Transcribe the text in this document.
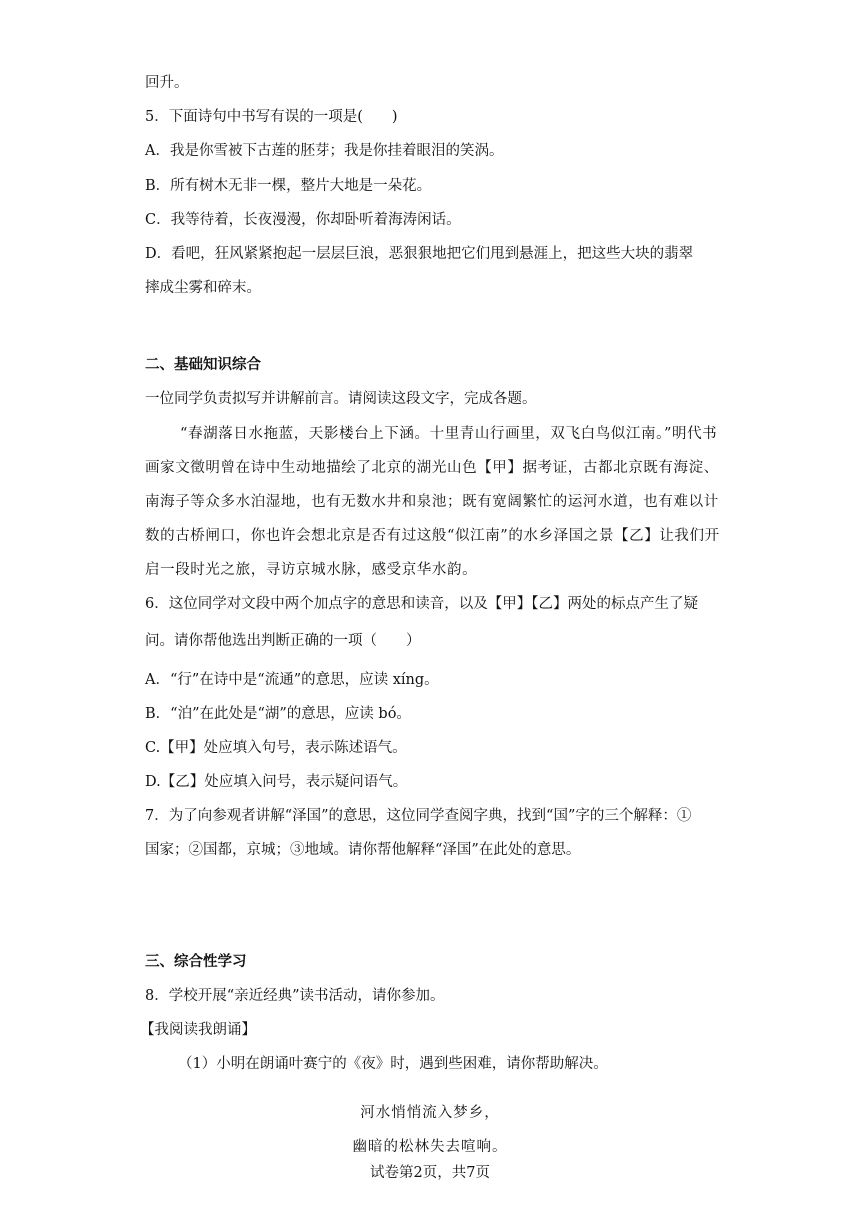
回升。

5．下面诗句中书写有误的一项是(　　)

A．我是你雪被下古莲的胚芽；我是你挂着眼泪的笑涡。

B．所有树木无非一棵，整片大地是一朵花。

C．我等待着，长夜漫漫，你却卧听着海涛闲话。

D．看吧，狂风紧紧抱起一层层巨浪，恶狠狠地把它们甩到悬涯上，把这些大块的翡翠

摔成尘雾和碎末。

二、基础知识综合

一位同学负责拟写并讲解前言。请阅读这段文字，完成各题。

“春湖落日水拖蓝，天影楼台上下涵。十里青山行画里，双飞白鸟似江南。”明代书

画家文徵明曾在诗中生动地描绘了北京的湖光山色【甲】据考证，古都北京既有海淀、

南海子等众多水泊湿地，也有无数水井和泉池；既有宽阔繁忙的运河水道，也有难以计

数的古桥闸口，你也许会想北京是否有过这般“似江南”的水乡泽国之景【乙】让我们开

启一段时光之旅，寻访京城水脉，感受京华水韵。

6．这位同学对文段中两个加点字的意思和读音，以及【甲】【乙】两处的标点产生了疑

问。请你帮他选出判断正确的一项（　　）

A．“行”在诗中是“流通”的意思，应读 xíng。

B．“泊”在此处是“湖”的意思，应读 bó。

C.【甲】处应填入句号，表示陈述语气。

D.【乙】处应填入问号，表示疑问语气。

7．为了向参观者讲解“泽国”的意思，这位同学查阅字典，找到“国”字的三个解释：①

国家；②国都，京城；③地域。请你帮他解释“泽国”在此处的意思。

三、综合性学习

8．学校开展“亲近经典”读书活动，请你参加。

【我阅读我朗诵】

（1）小明在朗诵叶赛宁的《夜》时，遇到些困难，请你帮助解决。

河水悄悄流入梦乡，

幽暗的松林失去喧响。

试卷第2页，共7页
